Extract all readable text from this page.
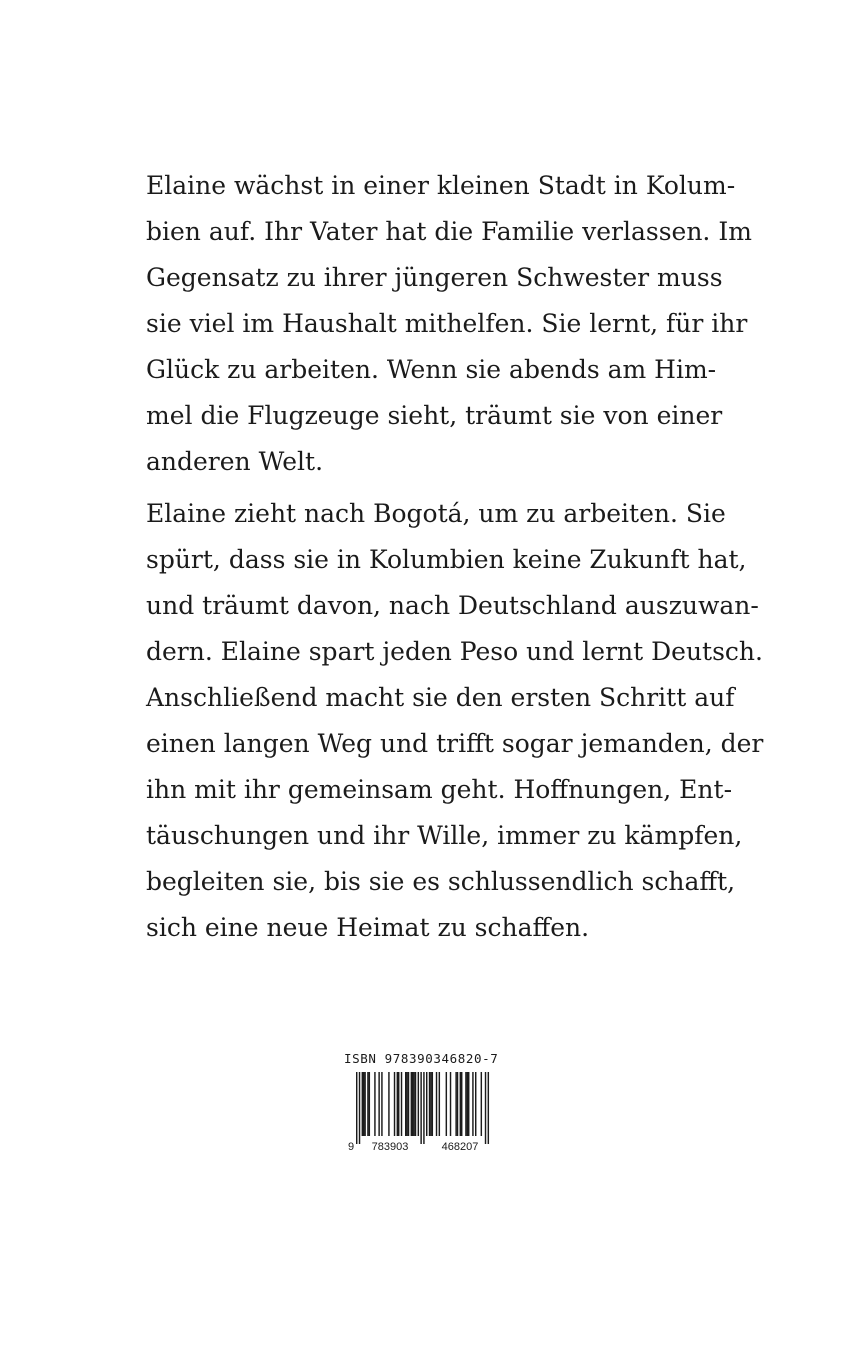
Elaine wächst in einer kleinen Stadt in Kolum-
bien auf. Ihr Vater hat die Familie verlassen. Im
Gegensatz zu ihrer jüngeren Schwester muss
sie viel im Haushalt mithelfen. Sie lernt, für ihr
Glück zu arbeiten. Wenn sie abends am Him-
mel die Flugzeuge sieht, träumt sie von einer
anderen Welt.
Elaine zieht nach Bogotá, um zu arbeiten. Sie
spürt, dass sie in Kolumbien keine Zukunft hat,
und träumt davon, nach Deutschland auszuwan-
dern. Elaine spart jeden Peso und lernt Deutsch.
Anschließend macht sie den ersten Schritt auf
einen langen Weg und trifft sogar jemanden, der
ihn mit ihr gemeinsam geht. Hoffnungen, Ent-
täuschungen und ihr Wille, immer zu kämpfen,
begleiten sie, bis sie es schlussendlich schafft,
sich eine neue Heimat zu schaffen.
ISBN 978390346820-7
9 783903	468207
